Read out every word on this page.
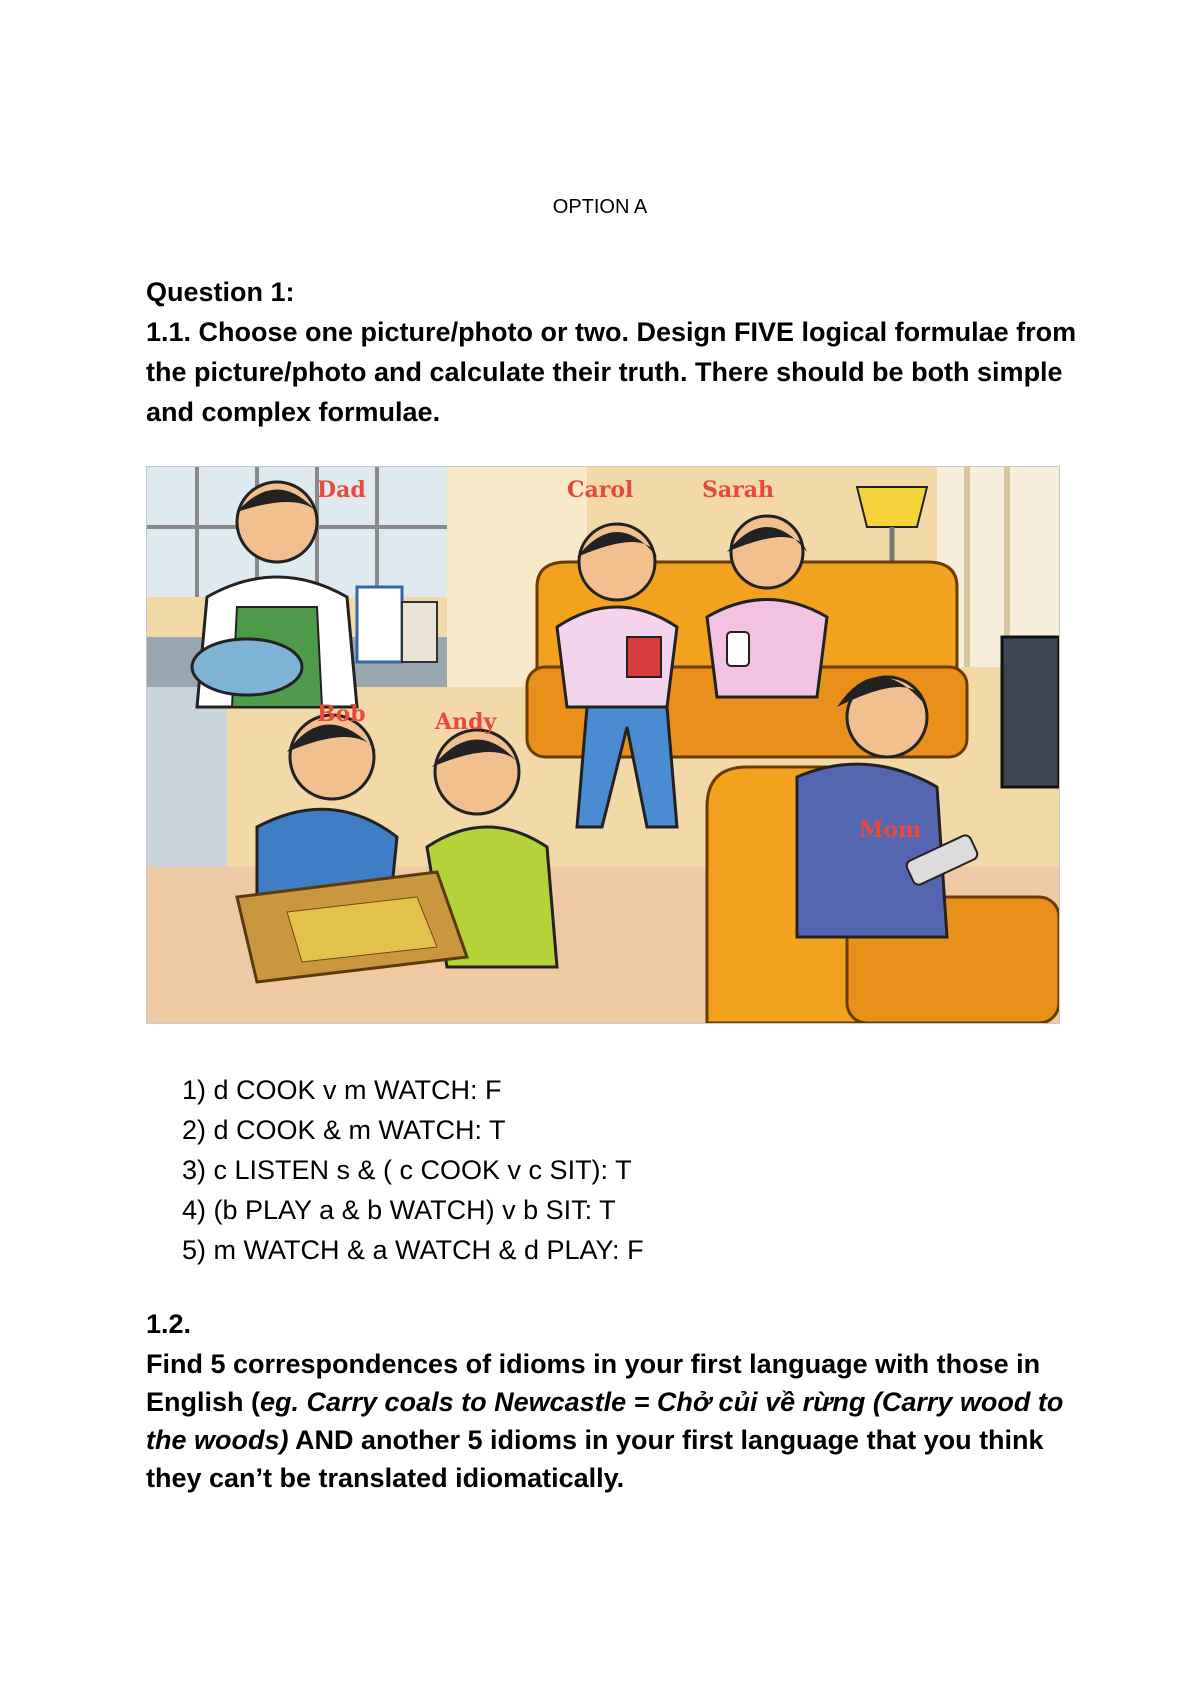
OPTION A
Question 1:
1.1. Choose one picture/photo or two. Design FIVE logical formulae from the picture/photo and calculate their truth. There should be both simple and complex formulae.
Dad	Carol	Sarah
Bob	Andy
Mom
1) d COOK v m WATCH: F
2) d COOK & m WATCH: T
3) c LISTEN s & ( c COOK v c SIT): T
4) (b PLAY a & b WATCH) v b SIT: T
5) m WATCH & a WATCH & d PLAY: F
1.2.
Find 5 correspondences of idioms in your first language with those in English (eg. Carry coals to Newcastle = Chở củi về rừng (Carry wood to the woods) AND another 5 idioms in your first language that you think they can’t be translated idiomatically.
